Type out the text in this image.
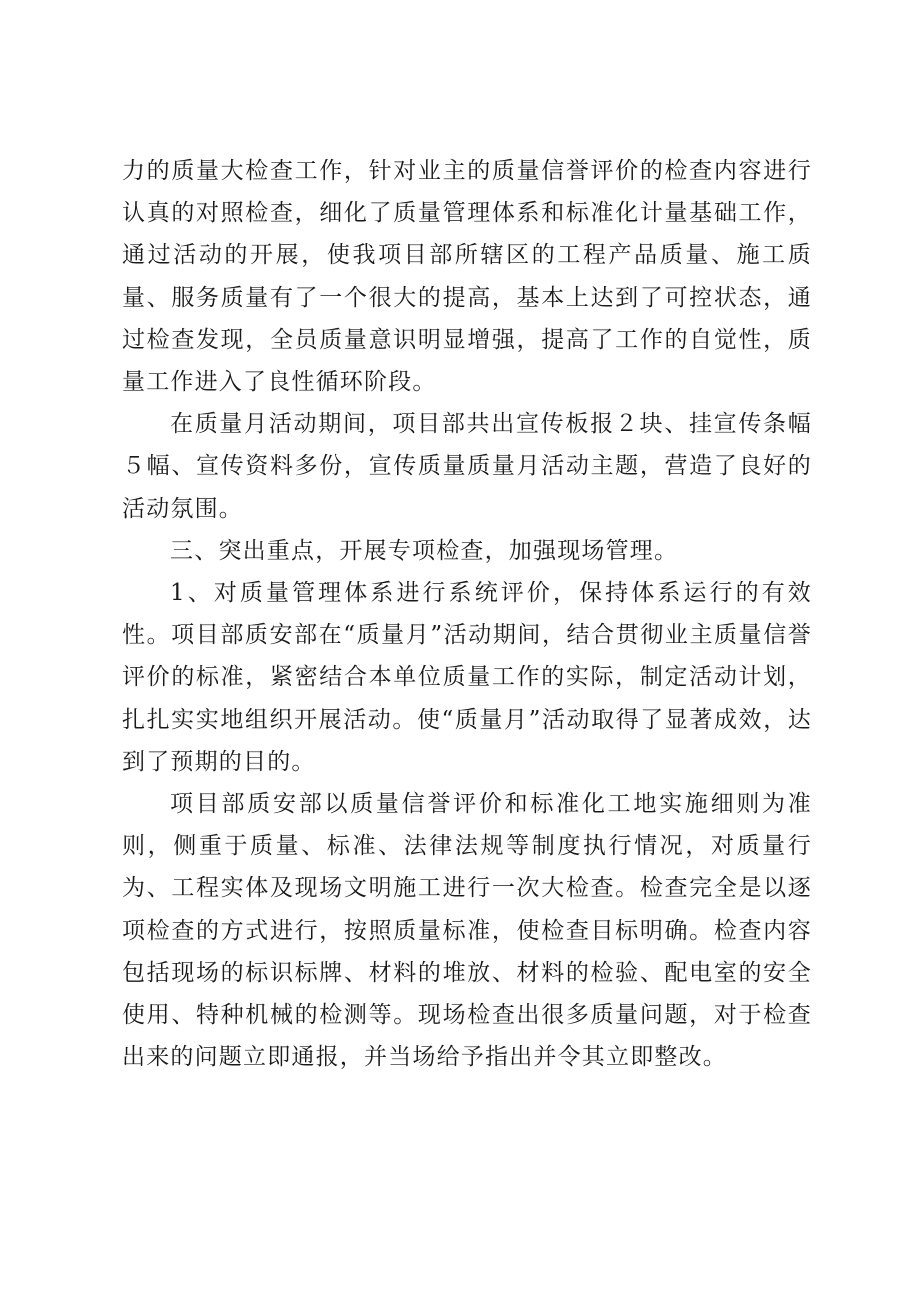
力的质量大检查工作，针对业主的质量信誉评价的检查内容进行认真的对照检查，细化了质量管理体系和标准化计量基础工作，通过活动的开展，使我项目部所辖区的工程产品质量、施工质量、服务质量有了一个很大的提高，基本上达到了可控状态，通过检查发现，全员质量意识明显增强，提高了工作的自觉性，质量工作进入了良性循环阶段。

在质量月活动期间，项目部共出宣传板报２块、挂宣传条幅５幅、宣传资料多份，宣传质量质量月活动主题，营造了良好的活动氛围。

三、突出重点，开展专项检查，加强现场管理。

1、对质量管理体系进行系统评价，保持体系运行的有效性。项目部质安部在“质量月”活动期间，结合贯彻业主质量信誉评价的标准，紧密结合本单位质量工作的实际，制定活动计划，扎扎实实地组织开展活动。使“质量月”活动取得了显著成效，达到了预期的目的。

项目部质安部以质量信誉评价和标准化工地实施细则为准则，侧重于质量、标准、法律法规等制度执行情况，对质量行为、工程实体及现场文明施工进行一次大检查。检查完全是以逐项检查的方式进行，按照质量标准，使检查目标明确。检查内容包括现场的标识标牌、材料的堆放、材料的检验、配电室的安全使用、特种机械的检测等。现场检查出很多质量问题，对于检查出来的问题立即通报，并当场给予指出并令其立即整改。
